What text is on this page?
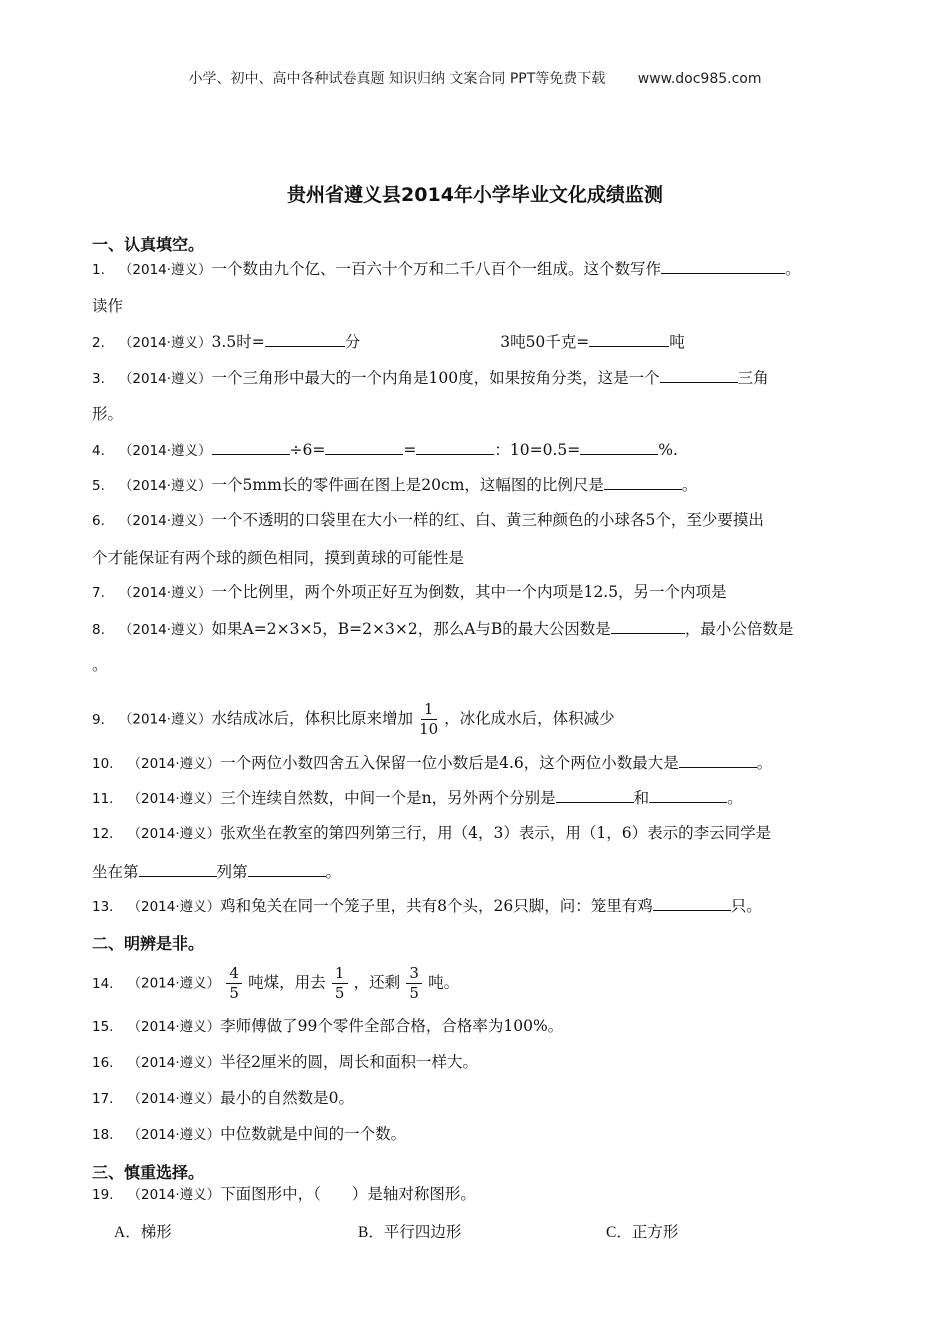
小学、初中、高中各种试卷真题 知识归纳 文案合同 PPT等免费下载 www.doc985.com
贵州省遵义县2014年小学毕业文化成绩监测
一、认真填空。
1. （2014·遵义）一个数由九个亿、一百六十个万和二千八百个一组成。这个数写作	。
读作
2. （2014·遵义）3.5时=	分	3吨50千克=	吨
3. （2014·遵义）一个三角形中最大的一个内角是100度，如果按角分类，这是一个	三角
形。
4. （2014·遵义）	÷6=	=	：10=0.5=	%.
5. （2014·遵义）一个5mm长的零件画在图上是20cm，这幅图的比例尺是	。
6. （2014·遵义）一个不透明的口袋里在大小一样的红、白、黄三种颜色的小球各5个，至少要摸出
个才能保证有两个球的颜色相同，摸到黄球的可能性是
7. （2014·遵义）一个比例里，两个外项正好互为倒数，其中一个内项是12.5，另一个内项是
8. （2014·遵义）如果A=2×3×5，B=2×3×2，那么A与B的最大公因数是	，最小公倍数是
。
9. （2014·遵义）水结成冰后，体积比原来增加 $\frac{1}{10}$ ，冰化成水后，体积减少
10. （2014·遵义）一个两位小数四舍五入保留一位小数后是4.6，这个两位小数最大是	。
11. （2014·遵义）三个连续自然数，中间一个是n，另外两个分别是	和	。
12. （2014·遵义）张欢坐在教室的第四列第三行，用（4，3）表示，用（1，6）表示的李云同学是
坐在第	列第	。
13. （2014·遵义）鸡和兔关在同一个笼子里，共有8个头，26只脚，问：笼里有鸡	只。
二、明辨是非。
14. （2014·遵义） $\frac{4}{5}$ 吨煤，用去 $\frac{1}{5}$ ，还剩 $\frac{3}{5}$ 吨。
15. （2014·遵义）李师傅做了99个零件全部合格，合格率为100%。
16. （2014·遵义）半径2厘米的圆，周长和面积一样大。
17. （2014·遵义）最小的自然数是0。
18. （2014·遵义）中位数就是中间的一个数。
三、慎重选择。
19. （2014·遵义）下面图形中，（　　）是轴对称图形。
A．梯形	B．平行四边形	C．正方形
